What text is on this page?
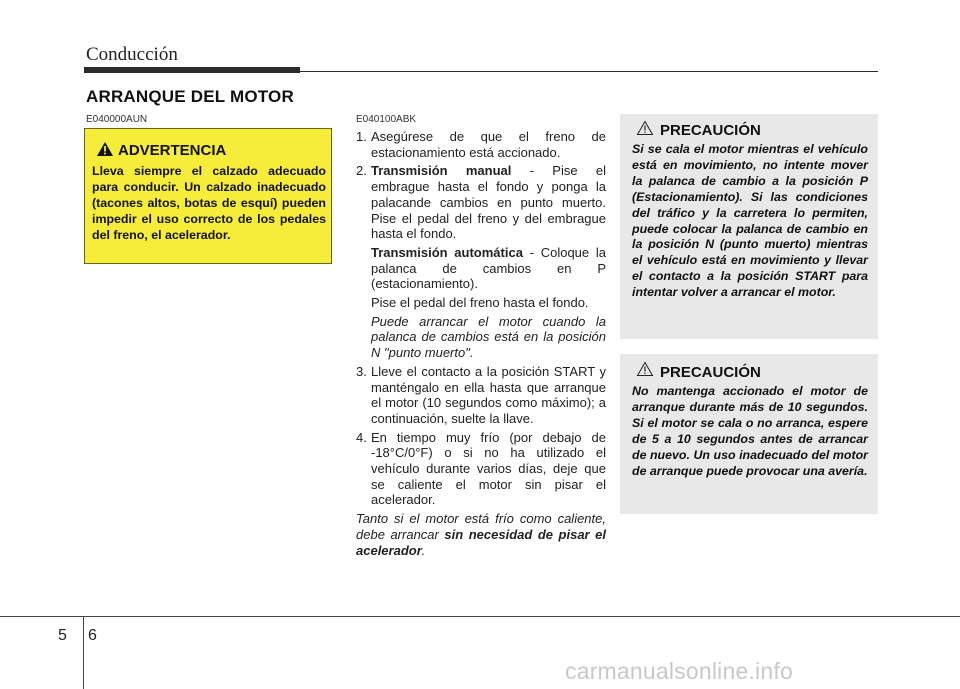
Conducción
ARRANQUE DEL MOTOR
E040000AUN	E040100ABK
ADVERTENCIA
Lleva siempre el calzado adecuado para conducir. Un calzado inadecuado (tacones altos, botas de esquí) pueden impedir el uso correcto de los pedales del freno, el acelerador.
1. Asegúrese de que el freno de estacionamiento está accionado.
2. Transmisión manual - Pise el embrague hasta el fondo y ponga la palacande cambios en punto muerto. Pise el pedal del freno y del embrague hasta el fondo.

Transmisión automática - Coloque la palanca de cambios en P (estacionamiento).

Pise el pedal del freno hasta el fondo.

Puede arrancar el motor cuando la palanca de cambios está en la posición N "punto muerto".

3. Lleve el contacto a la posición START y manténgalo en ella hasta que arranque el motor (10 segundos como máximo); a continuación, suelte la llave.
4. En tiempo muy frío (por debajo de -18°C/0°F) o si no ha utilizado el vehículo durante varios días, deje que se caliente el motor sin pisar el acelerador.

Tanto si el motor está frío como caliente, debe arrancar sin necesidad de pisar el acelerador.

PRECAUCIÓN
Si se cala el motor mientras el vehículo está en movimiento, no intente mover la palanca de cambio a la posición P (Estacionamiento). Si las condiciones del tráfico y la carretera lo permiten, puede colocar la palanca de cambio en la posición N (punto muerto) mientras el vehículo está en movimiento y llevar el contacto a la posición START para intentar volver a arrancar el motor.
PRECAUCIÓN
No mantenga accionado el motor de arranque durante más de 10 segundos. Si el motor se cala o no arranca, espere de 5 a 10 segundos antes de arrancar de nuevo. Un uso inadecuado del motor de arranque puede provocar una avería.
5 6
carmanualsonline.info
